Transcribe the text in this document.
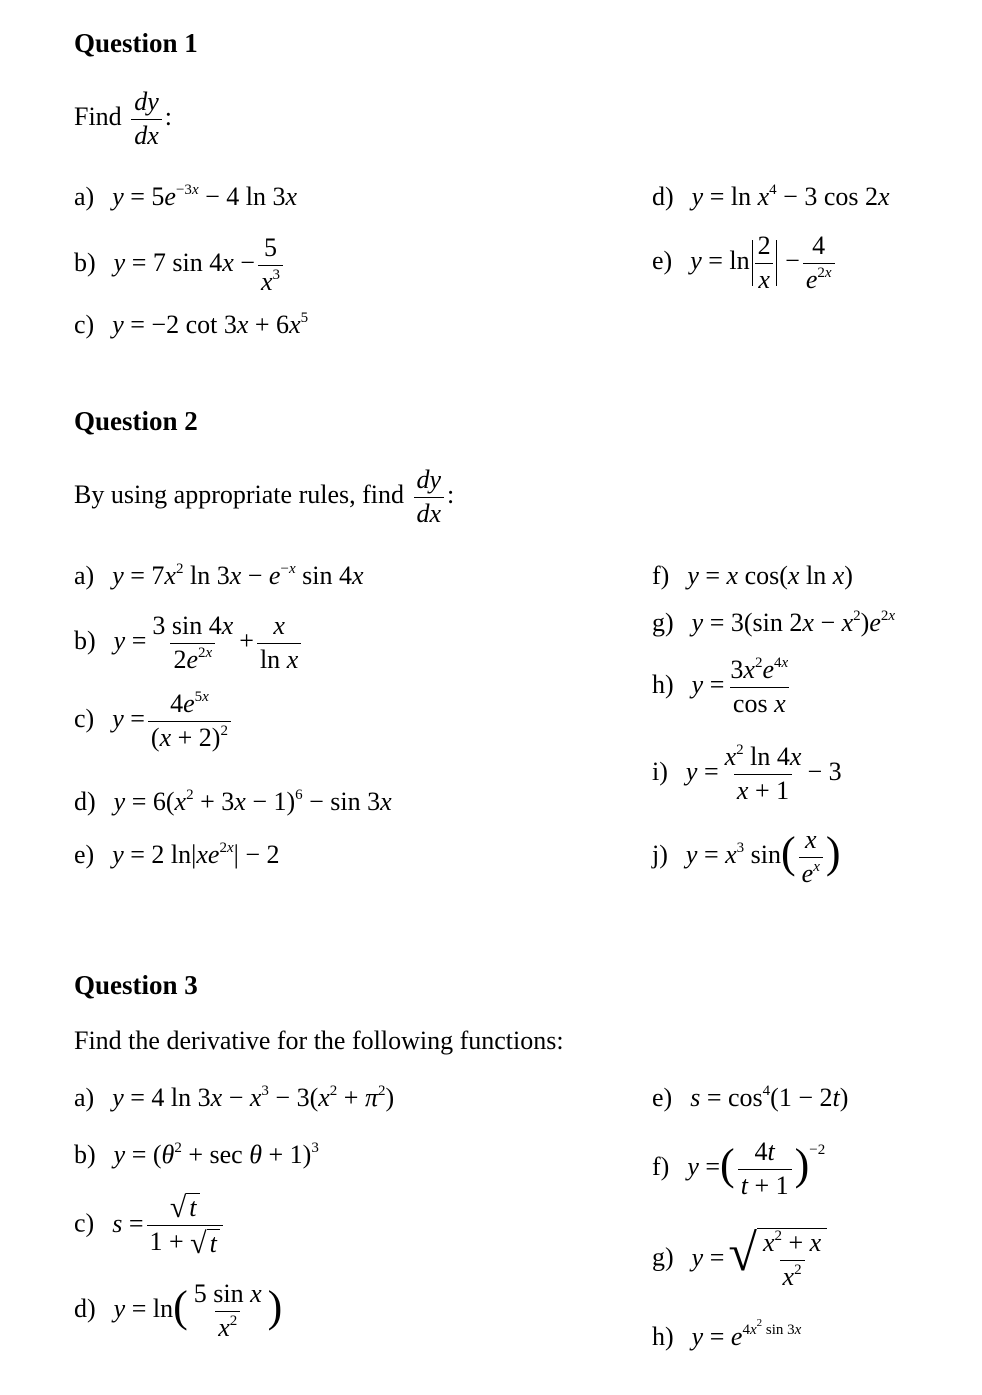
Question 1
Find $\frac{dy}{dx}$ :
a) $y = 5e^{-3x} - 4$ ln 3x
b) y = 7 $\sin 4x - \frac{5}{x^3}$
c) y = −2 $\cot 3x + 6x^5$
d) $y = \ln x^4 - 3$ cos 2x
e) $y = \ln \frac{2}{x} - \frac{4}{e^{2x}}$
Question 2
By using appropriate rules, find $\frac{dy}{dx}$ :
a) $y = 7x^2$ $\ln 3x - e^{-x}$ sin 4x
b) $y = \frac{3 \sin 4x}{2e^{2x}} + \frac{x}{\text{ln x}}$
c) $y = \frac{4e^{5x}}{(x + 2)^2}$
d) $y = 6(x^2 + 3x - 1)^6 - \sin 3x$
e) y = 2 $\ln|xe^{2x}| - 2$
f) y = x cos(x ln x)
g) y = 3(sin $2x - x^2)e^{2x}$
h) $y = \frac{3x^2e^{4x}}{\text{cos x}}$
i) $y = \frac{x^2 \ln 4x}{x + 1} - 3$
j) $y = x^3$ $\sin( \frac{x}{e^x}$ )
Question 3
Find the derivative for the following functions:
a) y = 4 $\ln 3x - x^3 - 3(x^2 + \pi^2)$
b) $y = (\theta^2 + \sec \theta + 1)^3$
c) $s = \frac{√ t}{1 + √ t}$
d) $y = \ln( \frac{\text{5 sin x}}{x^2}$ )
e) $s = \cos^4(1 - 2t)$
f) y =( $\frac{4t}{t + 1} )^{-2}$
g) y = √ $\frac{x^2 + x}{x^2}$
h) $y = e^{4x^2 sin 3x}$
